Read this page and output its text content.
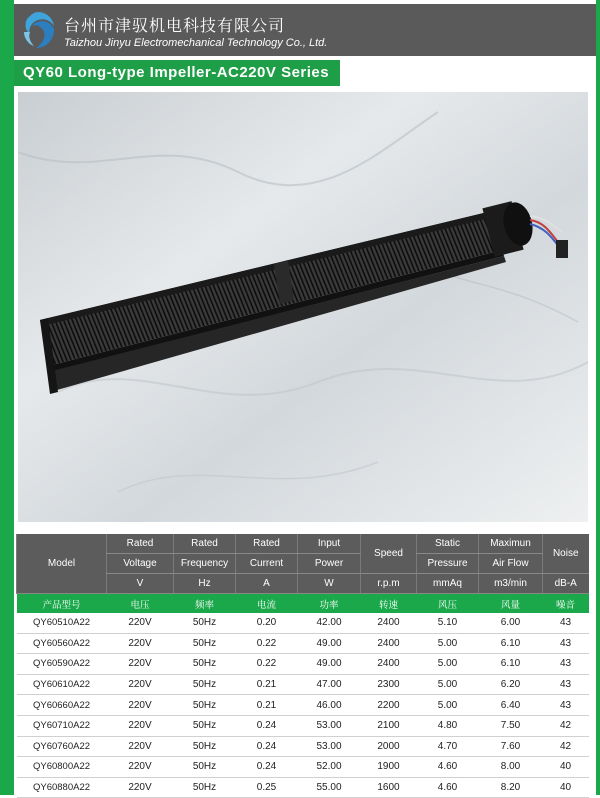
台州市津驭机电科技有限公司
Taizhou Jinyu Electromechanical Technology Co., Ltd.
QY60 Long-type Impeller-AC220V Series
Model	Rated	Rated	Rated	Input	Speed	Static	Maximun	Noise
	Voltage	Frequency	Current	Power		Pressure	Air Flow	
	V	Hz	A	W	r.p.m	mmAq	m3/min	dB-A
产品型号	电压	频率	电流	功率	转速	风压	风量	噪音
QY60510A22	220V	50Hz	0.20	42.00	2400	5.10	6.00	43
QY60560A22	220V	50Hz	0.22	49.00	2400	5.00	6.10	43
QY60590A22	220V	50Hz	0.22	49.00	2400	5.00	6.10	43
QY60610A22	220V	50Hz	0.21	47.00	2300	5.00	6.20	43
QY60660A22	220V	50Hz	0.21	46.00	2200	5.00	6.40	43
QY60710A22	220V	50Hz	0.24	53.00	2100	4.80	7.50	42
QY60760A22	220V	50Hz	0.24	53.00	2000	4.70	7.60	42
QY60800A22	220V	50Hz	0.24	52.00	1900	4.60	8.00	40
QY60880A22	220V	50Hz	0.25	55.00	1600	4.60	8.20	40
